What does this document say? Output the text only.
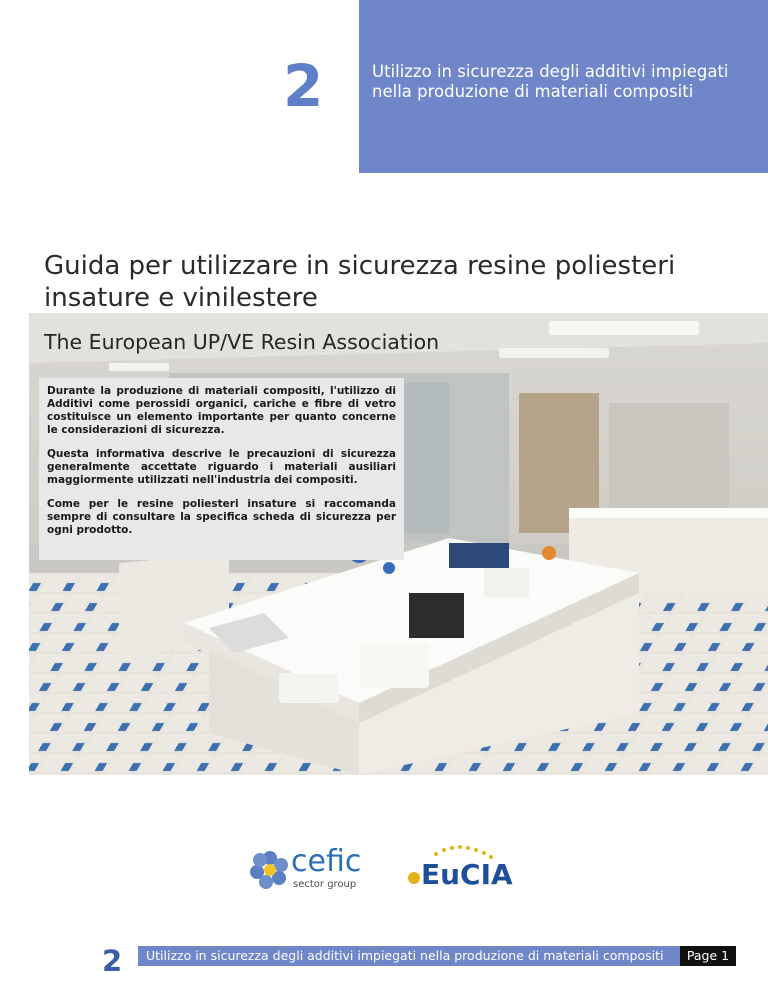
Utilizzo in sicurezza degli additivi impiegati nella produzione di materiali compositi
2
Guida per utilizzare in sicurezza resine poliesteri insature e vinilestere
The European UP/VE Resin Association

Durante la produzione di materiali compositi, l'utilizzo di Additivi come perossidi organici, cariche e fibre di vetro costituisce un elemento importante per quanto concerne le considerazioni di sicurezza.

Questa informativa descrive le precauzioni di sicurezza generalmente accettate riguardo i materiali ausiliari maggiormente utilizzati nell'industria dei compositi.

Come per le resine poliesteri insature si raccomanda sempre di consultare la specifica scheda di sicurezza per ogni prodotto.

cefic
sector group EuCIA
2	Utilizzo in sicurezza degli additivi impiegati nella produzione di materiali compositi	Page 1
